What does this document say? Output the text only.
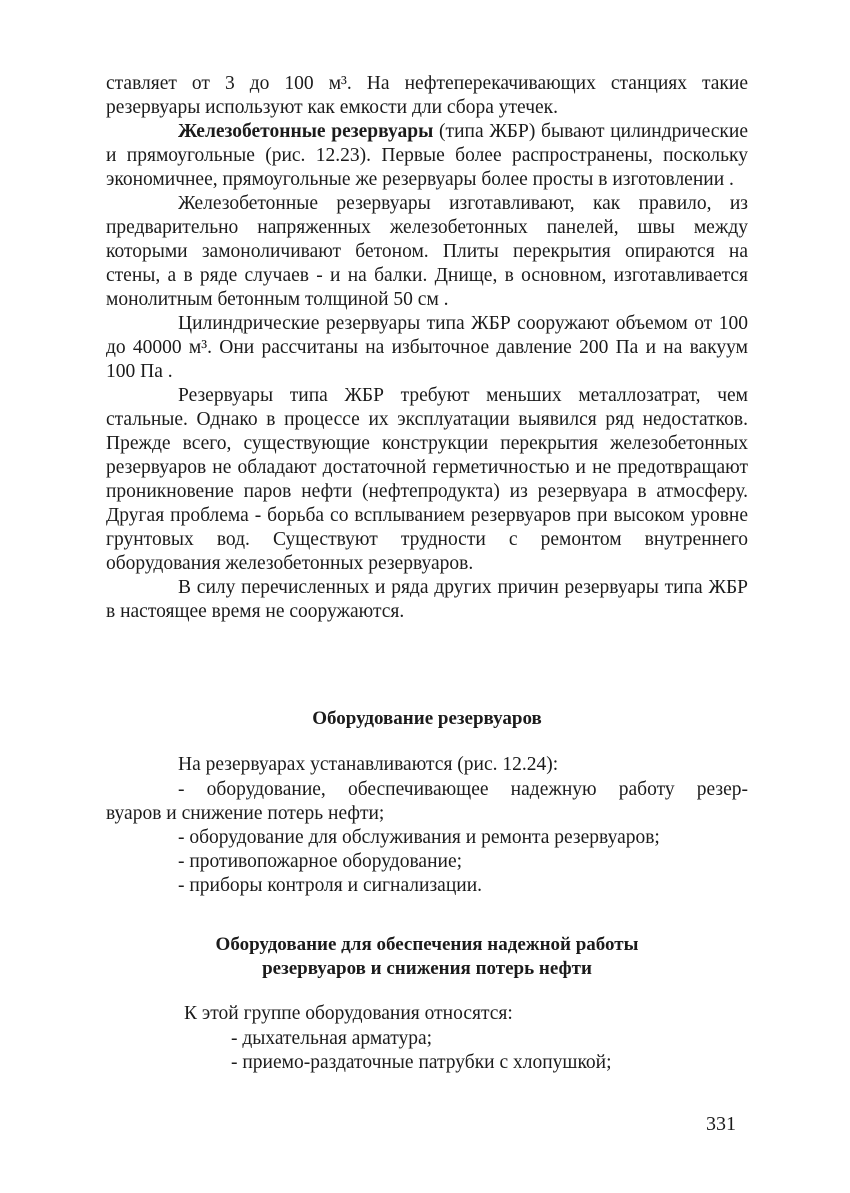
ставляет от 3 до 100 м³. На нефтеперекачивающих станциях такие резервуары используют как емкости дли сбора утечек.

Железобетонные резервуары (типа ЖБР) бывают цилиндрические и прямоугольные (рис. 12.23). Первые более распространены, поскольку экономичнее, прямоугольные же резервуары более просты в изготовлении .

Железобетонные резервуары изготавливают, как правило, из предварительно напряженных железобетонных панелей, швы между которыми замоноличивают бетоном. Плиты перекрытия опираются на стены, а в ряде случаев - и на балки. Днище, в основном, изготавливается монолитным бетонным толщиной 50 см .

Цилиндрические резервуары типа ЖБР сооружают объемом от 100 до 40000 м³. Они рассчитаны на избыточное давление 200 Па и на вакуум 100 Па .

Резервуары типа ЖБР требуют меньших металлозатрат, чем стальные. Однако в процессе их эксплуатации выявился ряд недостатков. Прежде всего, существующие конструкции перекрытия железобетонных резервуаров не обладают достаточной герметичностью и не предотвращают проникновение паров нефти (нефтепродукта) из резервуара в атмосферу. Другая проблема - борьба со всплыванием резервуаров при высоком уровне грунтовых вод. Существуют трудности с ремонтом внутреннего оборудования железобетонных резервуаров.

В силу перечисленных и ряда других причин резервуары типа ЖБР в настоящее время не сооружаются.

Оборудование резервуаров
На резервуарах устанавливаются (рис. 12.24):
- оборудование, обеспечивающее надежную работу резер-
вуаров и снижение потерь нефти;
- оборудование для обслуживания и ремонта резервуаров;
- противопожарное оборудование;
- приборы контроля и сигнализации.
Оборудование для обеспечения надежной работы
резервуаров и снижения потерь нефти
К этой группе оборудования относятся:
- дыхательная арматура;
- приемо-раздаточные патрубки с хлопушкой;
331
